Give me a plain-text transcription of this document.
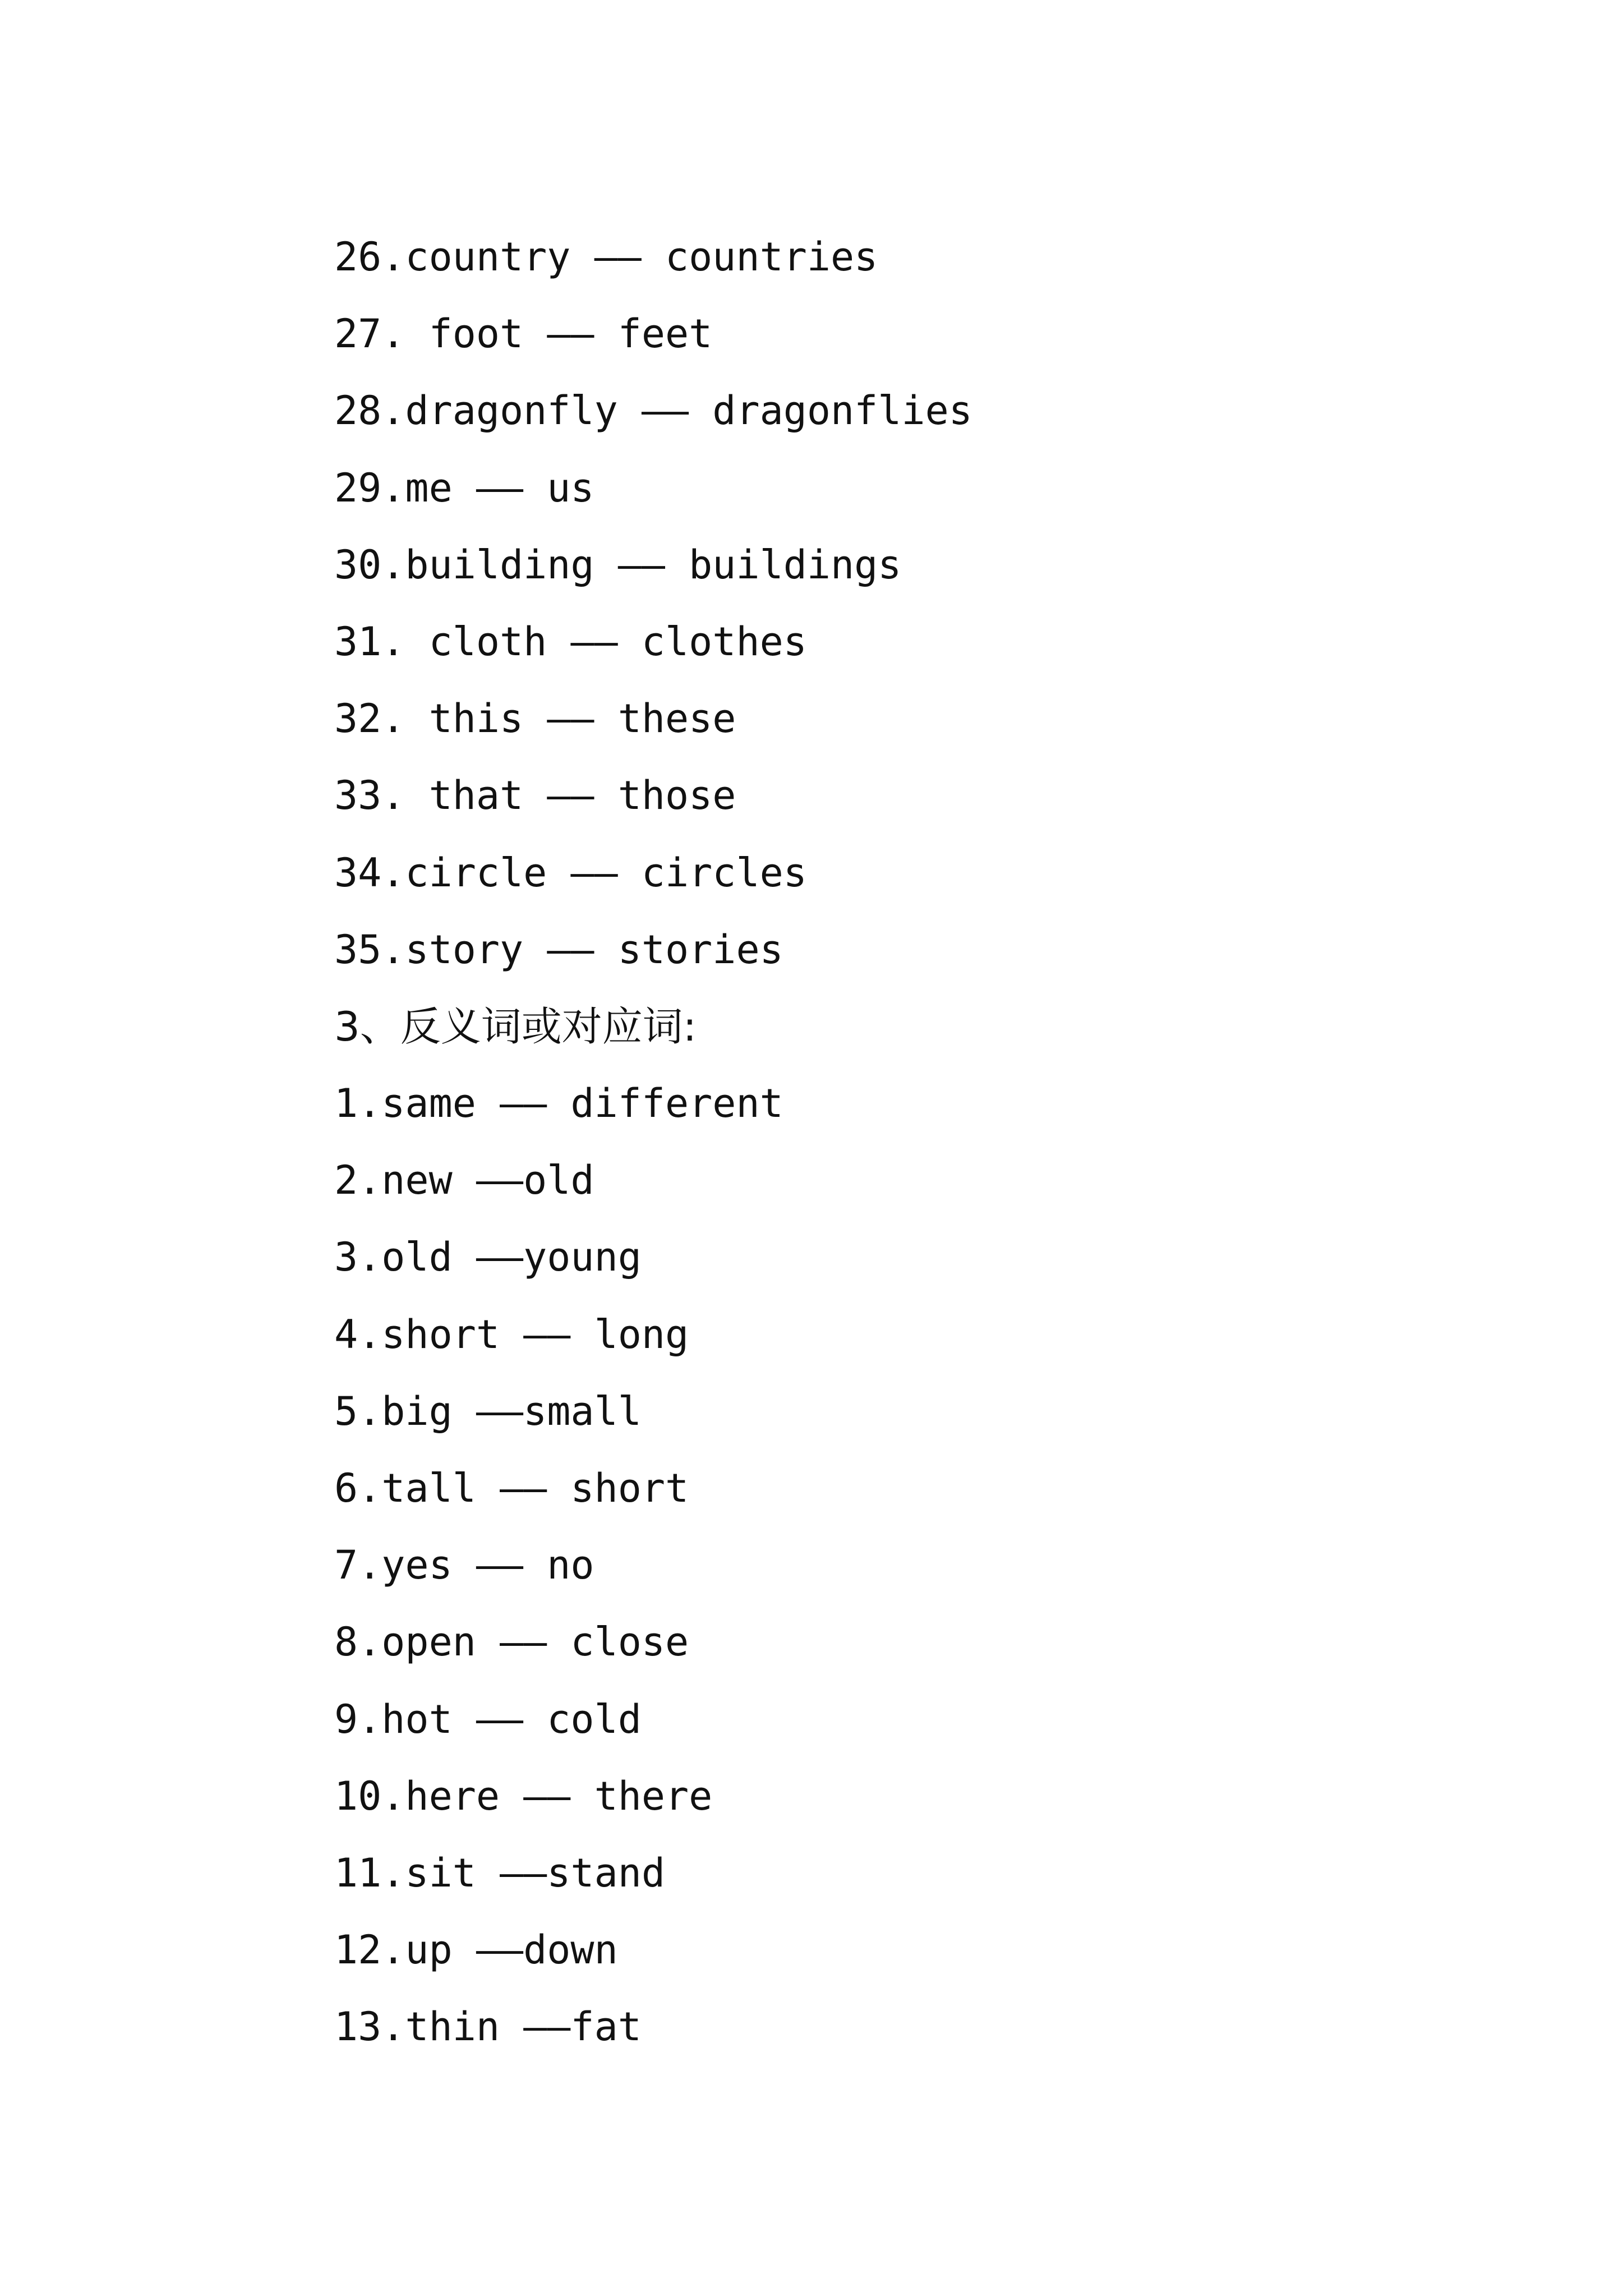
26.country —— countries
27. foot —— feet
28.dragonfly —— dragonflies
29.me —— us
30.building —— buildings
31. cloth —— clothes
32. this —— these
33. that —— those
34.circle —— circles
35.story —— stories
3、反义词或对应词:
1.same —— different
2.new ——old
3.old ——young
4.short —— long
5.big ——small
6.tall —— short
7.yes —— no
8.open —— close
9.hot —— cold
10.here —— there
11.sit ——stand
12.up ——down
13.thin ——fat
